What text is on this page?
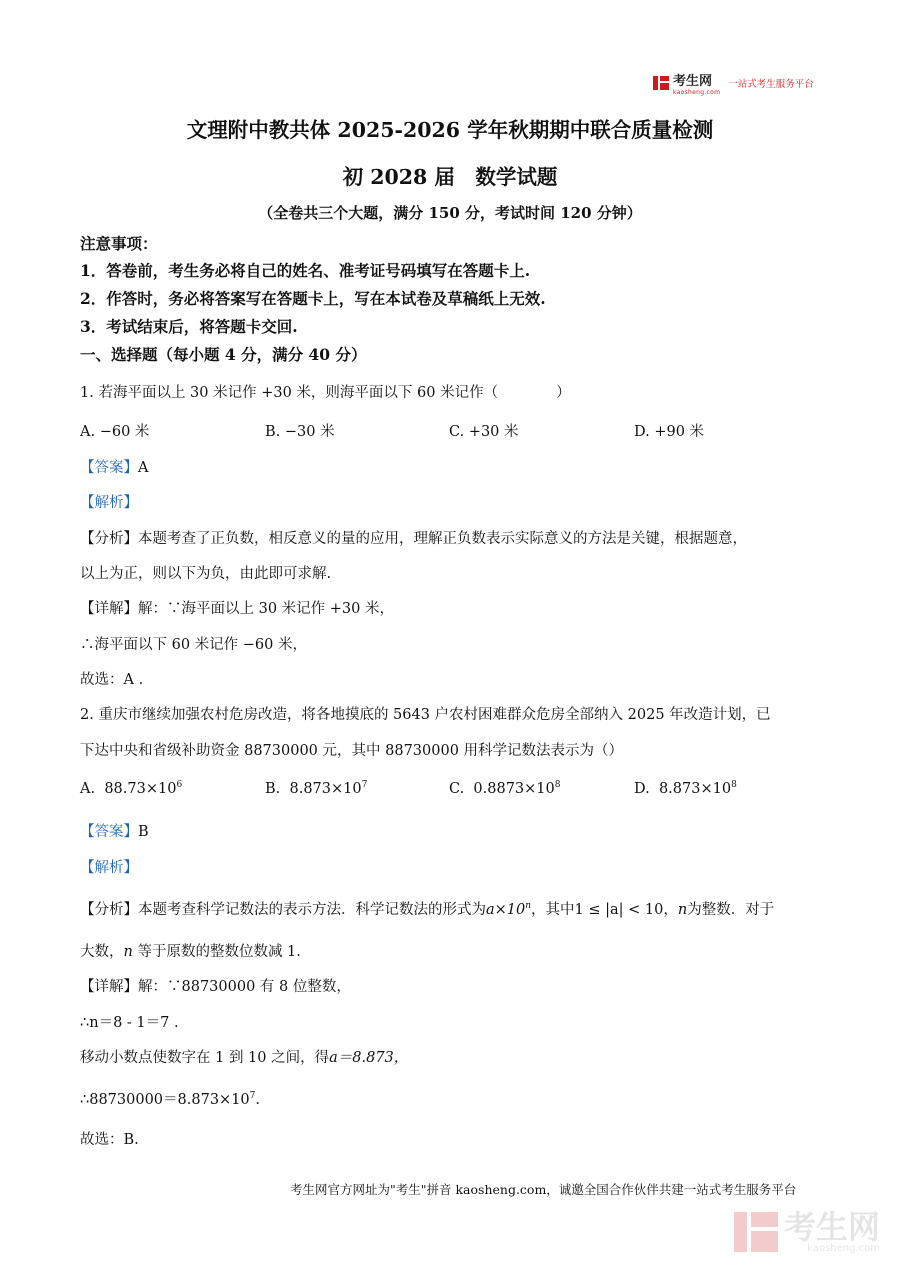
考生网
kaosheng.com
一站式考生服务平台
文理附中教共体 2025-2026 学年秋期期中联合质量检测
初 2028 届　数学试题
（全卷共三个大题，满分 150 分，考试时间 120 分钟）
注意事项：
1．答卷前，考生务必将自己的姓名、准考证号码填写在答题卡上.
2．作答时，务必将答案写在答题卡上，写在本试卷及草稿纸上无效.
3．考试结束后，将答题卡交回.
一、选择题（每小题 4 分，满分 40 分）
1. 若海平面以上 30 米记作 +30 米，则海平面以下 60 米记作（　　　　）
A. −60 米	B. −30 米	C. +30 米	D. +90 米
【答案】A
【解析】
【分析】本题考查了正负数，相反意义的量的应用，理解正负数表示实际意义的方法是关键，根据题意，
以上为正，则以下为负，由此即可求解.
【详解】解：∵海平面以上 30 米记作 +30 米，
∴海平面以下 60 米记作 −60 米，
故选：A .
2. 重庆市继续加强农村危房改造，将各地摸底的 5643 户农村困难群众危房全部纳入 2025 年改造计划，已
下达中央和省级补助资金 88730000 元，其中 88730000 用科学记数法表示为（）
A. $88.73\times 10^6$	B. $8.873\times 10^7$	C. $0.8873\times 10^8$	D. $8.873\times 10^8$
【答案】B
【解析】
【分析】本题考查科学记数法的表示方法．科学记数法的形式为$a\times 10^n$，其中1 ≤ |a| < 10，n为整数．对于
大数，n 等于原数的整数位数减 1.
【详解】解：∵88730000 有 8 位整数，
∴n＝8 - 1＝7 .
移动小数点使数字在 1 到 10 之间，得a＝8.873，
$\therefore 88730000=8.873\times 10^7$.
故选：B.
考生网官方网址为"考生"拼音 kaosheng.com，诚邀全国合作伙伴共建一站式考生服务平台
考生网
kaosheng.com
